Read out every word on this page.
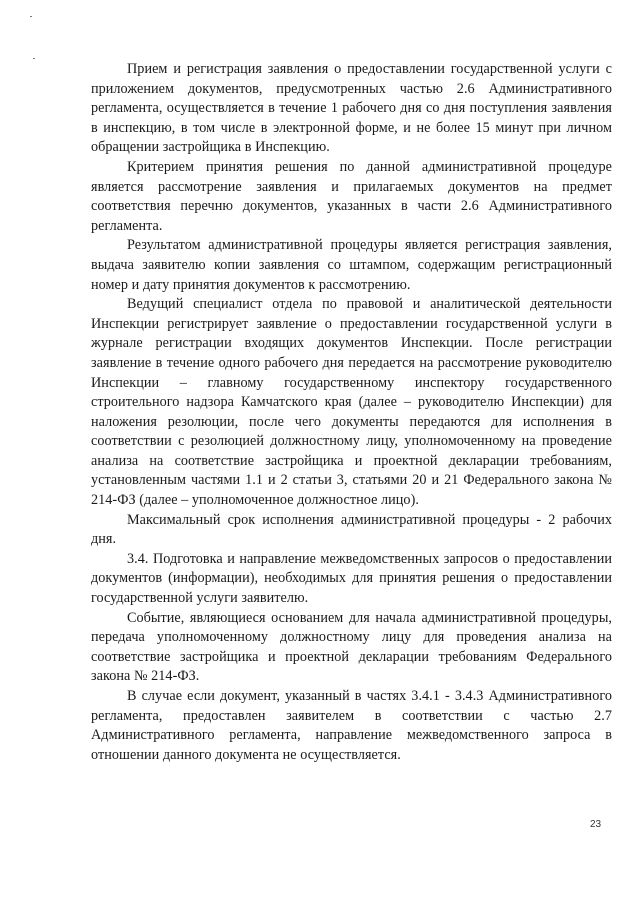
Прием и регистрация заявления о предоставлении государственной услуги с приложением документов, предусмотренных частью 2.6 Административного регламента, осуществляется в течение 1 рабочего дня со дня поступления заявления в инспекцию, в том числе в электронной форме, и не более 15 минут при личном обращении застройщика в Инспекцию.

Критерием принятия решения по данной административной процедуре является рассмотрение заявления и прилагаемых документов на предмет соответствия перечню документов, указанных в части 2.6 Административного регламента.

Результатом административной процедуры является регистрация заявления, выдача заявителю копии заявления со штампом, содержащим регистрационный номер и дату принятия документов к рассмотрению.

Ведущий специалист отдела по правовой и аналитической деятельности Инспекции регистрирует заявление о предоставлении государственной услуги в журнале регистрации входящих документов Инспекции. После регистрации заявление в течение одного рабочего дня передается на рассмотрение руководителю Инспекции – главному государственному инспектору государственного строительного надзора Камчатского края (далее – руководителю Инспекции) для наложения резолюции, после чего документы передаются для исполнения в соответствии с резолюцией должностному лицу, уполномоченному на проведение анализа на соответствие застройщика и проектной декларации требованиям, установленным частями 1.1 и 2 статьи 3, статьями 20 и 21 Федерального закона № 214-ФЗ (далее – уполномоченное должностное лицо).

Максимальный срок исполнения административной процедуры - 2 рабочих дня.

3.4. Подготовка и направление межведомственных запросов о предоставлении документов (информации), необходимых для принятия решения о предоставлении государственной услуги заявителю.

Событие, являющиеся основанием для начала административной процедуры, передача уполномоченному должностному лицу для проведения анализа на соответствие застройщика и проектной декларации требованиям Федерального закона № 214-ФЗ.

В случае если документ, указанный в частях 3.4.1 - 3.4.3 Административного регламента, предоставлен заявителем в соответствии с частью 2.7 Административного регламента, направление межведомственного запроса в отношении данного документа не осуществляется.

23
